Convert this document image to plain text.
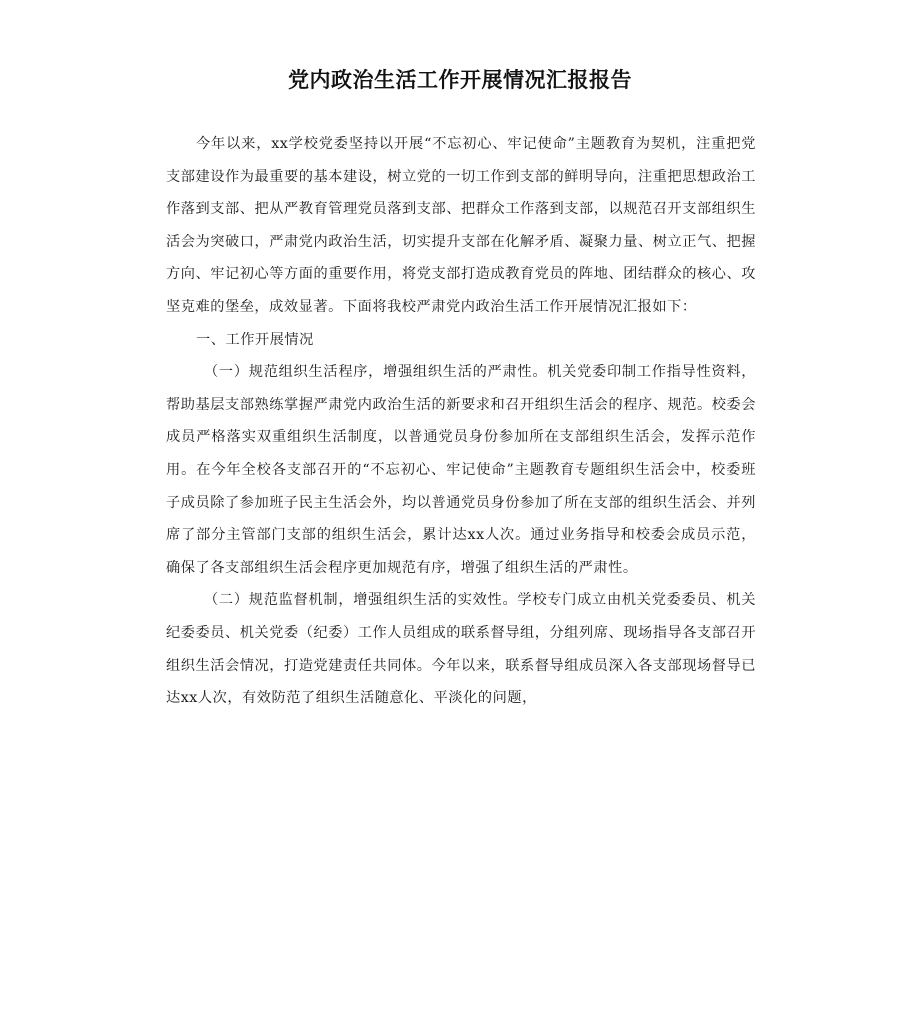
党内政治生活工作开展情况汇报报告

今年以来，xx学校党委坚持以开展“不忘初心、牢记使命”主题教育为契机，注重把党支部建设作为最重要的基本建设，树立党的一切工作到支部的鲜明导向，注重把思想政治工作落到支部、把从严教育管理党员落到支部、把群众工作落到支部，以规范召开支部组织生活会为突破口，严肃党内政治生活，切实提升支部在化解矛盾、凝聚力量、树立正气、把握方向、牢记初心等方面的重要作用，将党支部打造成教育党员的阵地、团结群众的核心、攻坚克难的堡垒，成效显著。下面将我校严肃党内政治生活工作开展情况汇报如下：

一、工作开展情况

（一）规范组织生活程序，增强组织生活的严肃性。机关党委印制工作指导性资料，帮助基层支部熟练掌握严肃党内政治生活的新要求和召开组织生活会的程序、规范。校委会成员严格落实双重组织生活制度，以普通党员身份参加所在支部组织生活会，发挥示范作用。在今年全校各支部召开的“不忘初心、牢记使命”主题教育专题组织生活会中，校委班子成员除了参加班子民主生活会外，均以普通党员身份参加了所在支部的组织生活会、并列席了部分主管部门支部的组织生活会，累计达xx人次。通过业务指导和校委会成员示范，确保了各支部组织生活会程序更加规范有序，增强了组织生活的严肃性。

（二）规范监督机制，增强组织生活的实效性。学校专门成立由机关党委委员、机关纪委委员、机关党委（纪委）工作人员组成的联系督导组，分组列席、现场指导各支部召开组织生活会情况，打造党建责任共同体。今年以来，联系督导组成员深入各支部现场督导已达xx人次，有效防范了组织生活随意化、平淡化的问题，
